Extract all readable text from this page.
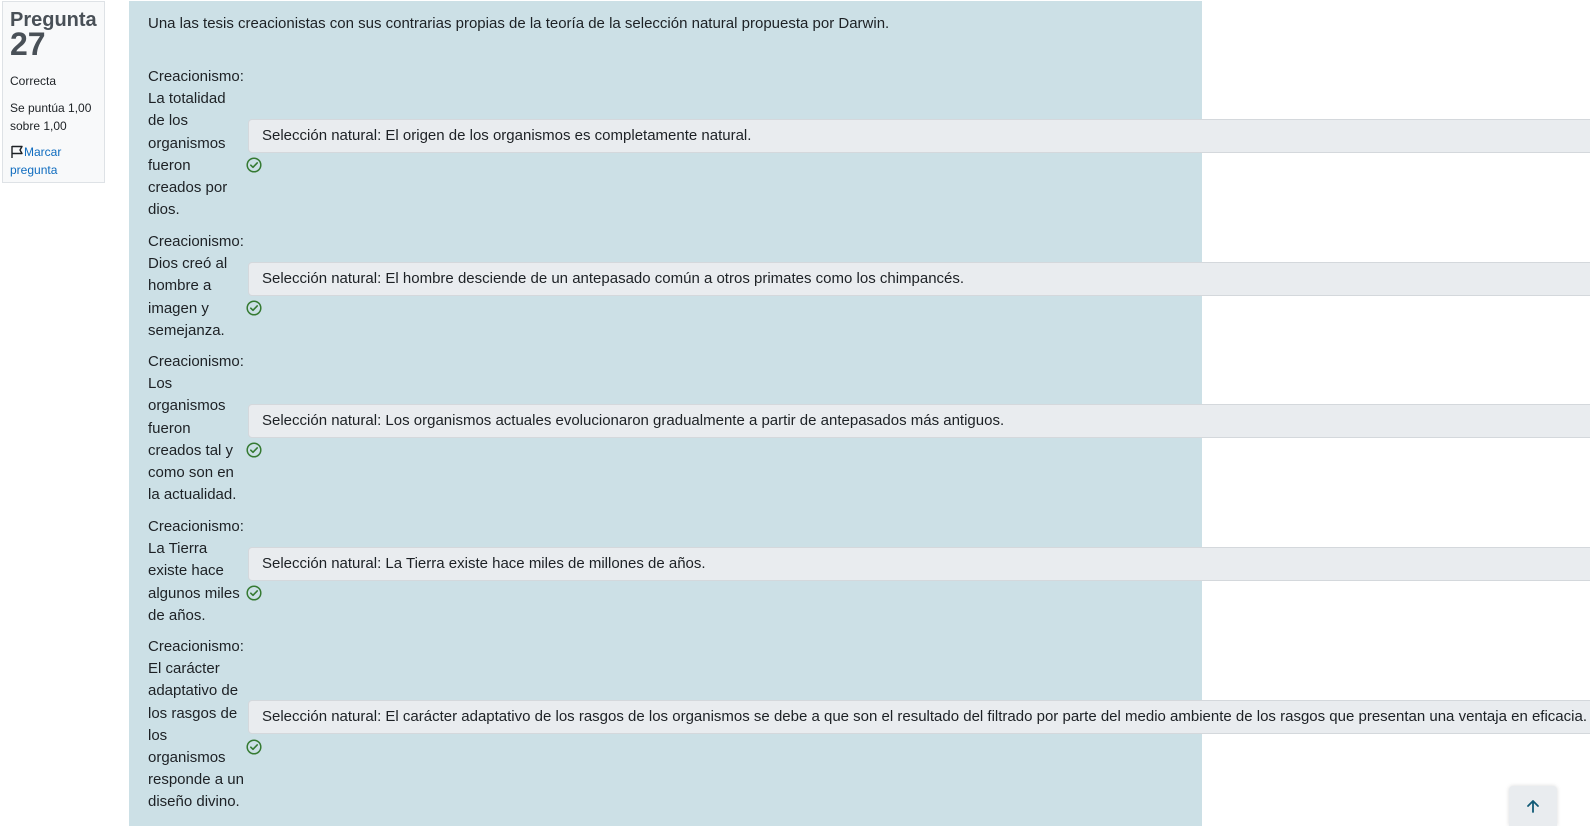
Pregunta
27
Correcta
Se puntúa 1,00 sobre 1,00
Marcar pregunta
Una las tesis creacionistas con sus contrarias propias de la teoría de la selección natural propuesta por Darwin.
Creacionismo:
La totalidad
de los
organismos
fueron
creados por
dios.
Selección natural: El origen de los organismos es completamente natural.
Creacionismo:
Dios creó al
hombre a
imagen y
semejanza.
Selección natural: El hombre desciende de un antepasado común a otros primates como los chimpancés.
Creacionismo:
Los
organismos
fueron
creados tal y
como son en
la actualidad.
Selección natural: Los organismos actuales evolucionaron gradualmente a partir de antepasados más antiguos.
Creacionismo:
La Tierra
existe hace
algunos miles
de años.
Selección natural: La Tierra existe hace miles de millones de años.
Creacionismo:
El carácter
adaptativo de
los rasgos de
los
organismos
responde a un
diseño divino.
Selección natural: El carácter adaptativo de los rasgos de los organismos se debe a que son el resultado del filtrado por parte del medio ambiente de los rasgos que presentan una ventaja en eficacia.
